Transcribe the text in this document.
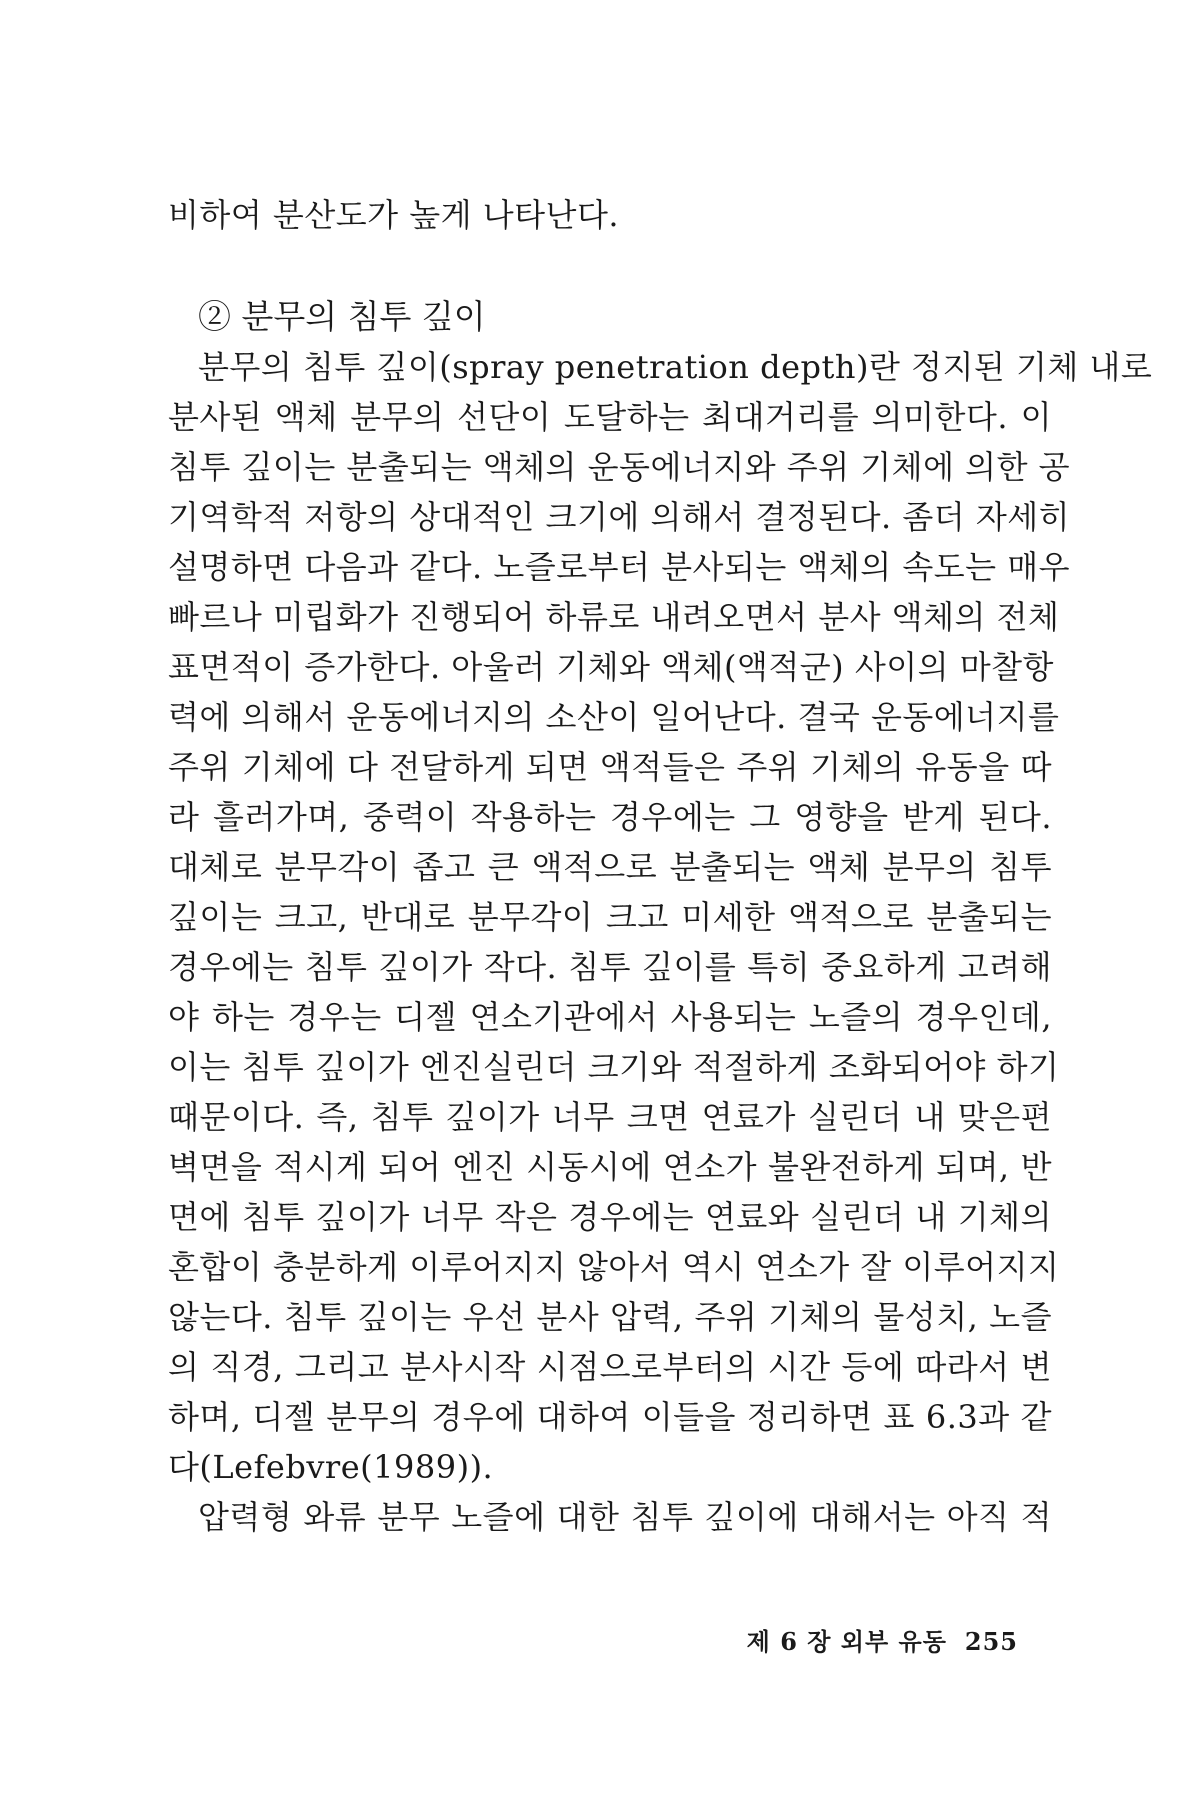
비하여 분산도가 높게 나타난다.
② 분무의 침투 깊이
분무의 침투 깊이(spray penetration depth)란 정지된 기체 내로
분사된 액체 분무의 선단이 도달하는 최대거리를 의미한다. 이
침투 깊이는 분출되는 액체의 운동에너지와 주위 기체에 의한 공
기역학적 저항의 상대적인 크기에 의해서 결정된다. 좀더 자세히
설명하면 다음과 같다. 노즐로부터 분사되는 액체의 속도는 매우
빠르나 미립화가 진행되어 하류로 내려오면서 분사 액체의 전체
표면적이 증가한다. 아울러 기체와 액체(액적군) 사이의 마찰항
력에 의해서 운동에너지의 소산이 일어난다. 결국 운동에너지를
주위 기체에 다 전달하게 되면 액적들은 주위 기체의 유동을 따
라 흘러가며, 중력이 작용하는 경우에는 그 영향을 받게 된다.
대체로 분무각이 좁고 큰 액적으로 분출되는 액체 분무의 침투
깊이는 크고, 반대로 분무각이 크고 미세한 액적으로 분출되는
경우에는 침투 깊이가 작다. 침투 깊이를 특히 중요하게 고려해
야 하는 경우는 디젤 연소기관에서 사용되는 노즐의 경우인데,
이는 침투 깊이가 엔진실린더 크기와 적절하게 조화되어야 하기
때문이다. 즉, 침투 깊이가 너무 크면 연료가 실린더 내 맞은편
벽면을 적시게 되어 엔진 시동시에 연소가 불완전하게 되며, 반
면에 침투 깊이가 너무 작은 경우에는 연료와 실린더 내 기체의
혼합이 충분하게 이루어지지 않아서 역시 연소가 잘 이루어지지
않는다. 침투 깊이는 우선 분사 압력, 주위 기체의 물성치, 노즐
의 직경, 그리고 분사시작 시점으로부터의 시간 등에 따라서 변
하며, 디젤 분무의 경우에 대하여 이들을 정리하면 표 6.3과 같
다(Lefebvre(1989)).
압력형 와류 분무 노즐에 대한 침투 깊이에 대해서는 아직 적
제 6 장 외부 유동 255
